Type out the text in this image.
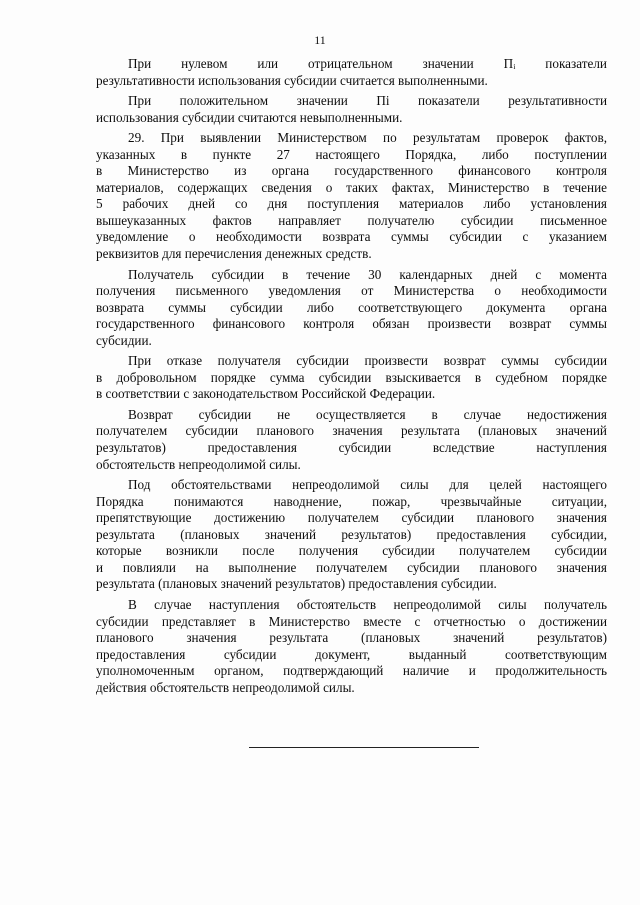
11
При нулевом или отрицательном значении Пᵢ показатели
результативности использования субсидии считается выполненными.
При положительном значении Пi показатели результативности
использования субсидии считаются невыполненными.
29. При выявлении Министерством по результатам проверок фактов,
указанных в пункте 27 настоящего Порядка, либо поступлении
в Министерство из органа государственного финансового контроля
материалов, содержащих сведения о таких фактах, Министерство в течение
5 рабочих дней со дня поступления материалов либо установления
вышеуказанных фактов направляет получателю субсидии письменное
уведомление о необходимости возврата суммы субсидии с указанием
реквизитов для перечисления денежных средств.
Получатель субсидии в течение 30 календарных дней с момента
получения письменного уведомления от Министерства о необходимости
возврата суммы субсидии либо соответствующего документа органа
государственного финансового контроля обязан произвести возврат суммы
субсидии.
При отказе получателя субсидии произвести возврат суммы субсидии
в добровольном порядке сумма субсидии взыскивается в судебном порядке
в соответствии с законодательством Российской Федерации.
Возврат субсидии не осуществляется в случае недостижения
получателем субсидии планового значения результата (плановых значений
результатов) предоставления субсидии вследствие наступления
обстоятельств непреодолимой силы.
Под обстоятельствами непреодолимой силы для целей настоящего
Порядка понимаются наводнение, пожар, чрезвычайные ситуации,
препятствующие достижению получателем субсидии планового значения
результата (плановых значений результатов) предоставления субсидии,
которые возникли после получения субсидии получателем субсидии
и повлияли на выполнение получателем субсидии планового значения
результата (плановых значений результатов) предоставления субсидии.
В случае наступления обстоятельств непреодолимой силы получатель
субсидии представляет в Министерство вместе с отчетностью о достижении
планового значения результата (плановых значений результатов)
предоставления субсидии документ, выданный соответствующим
уполномоченным органом, подтверждающий наличие и продолжительность
действия обстоятельств непреодолимой силы.
